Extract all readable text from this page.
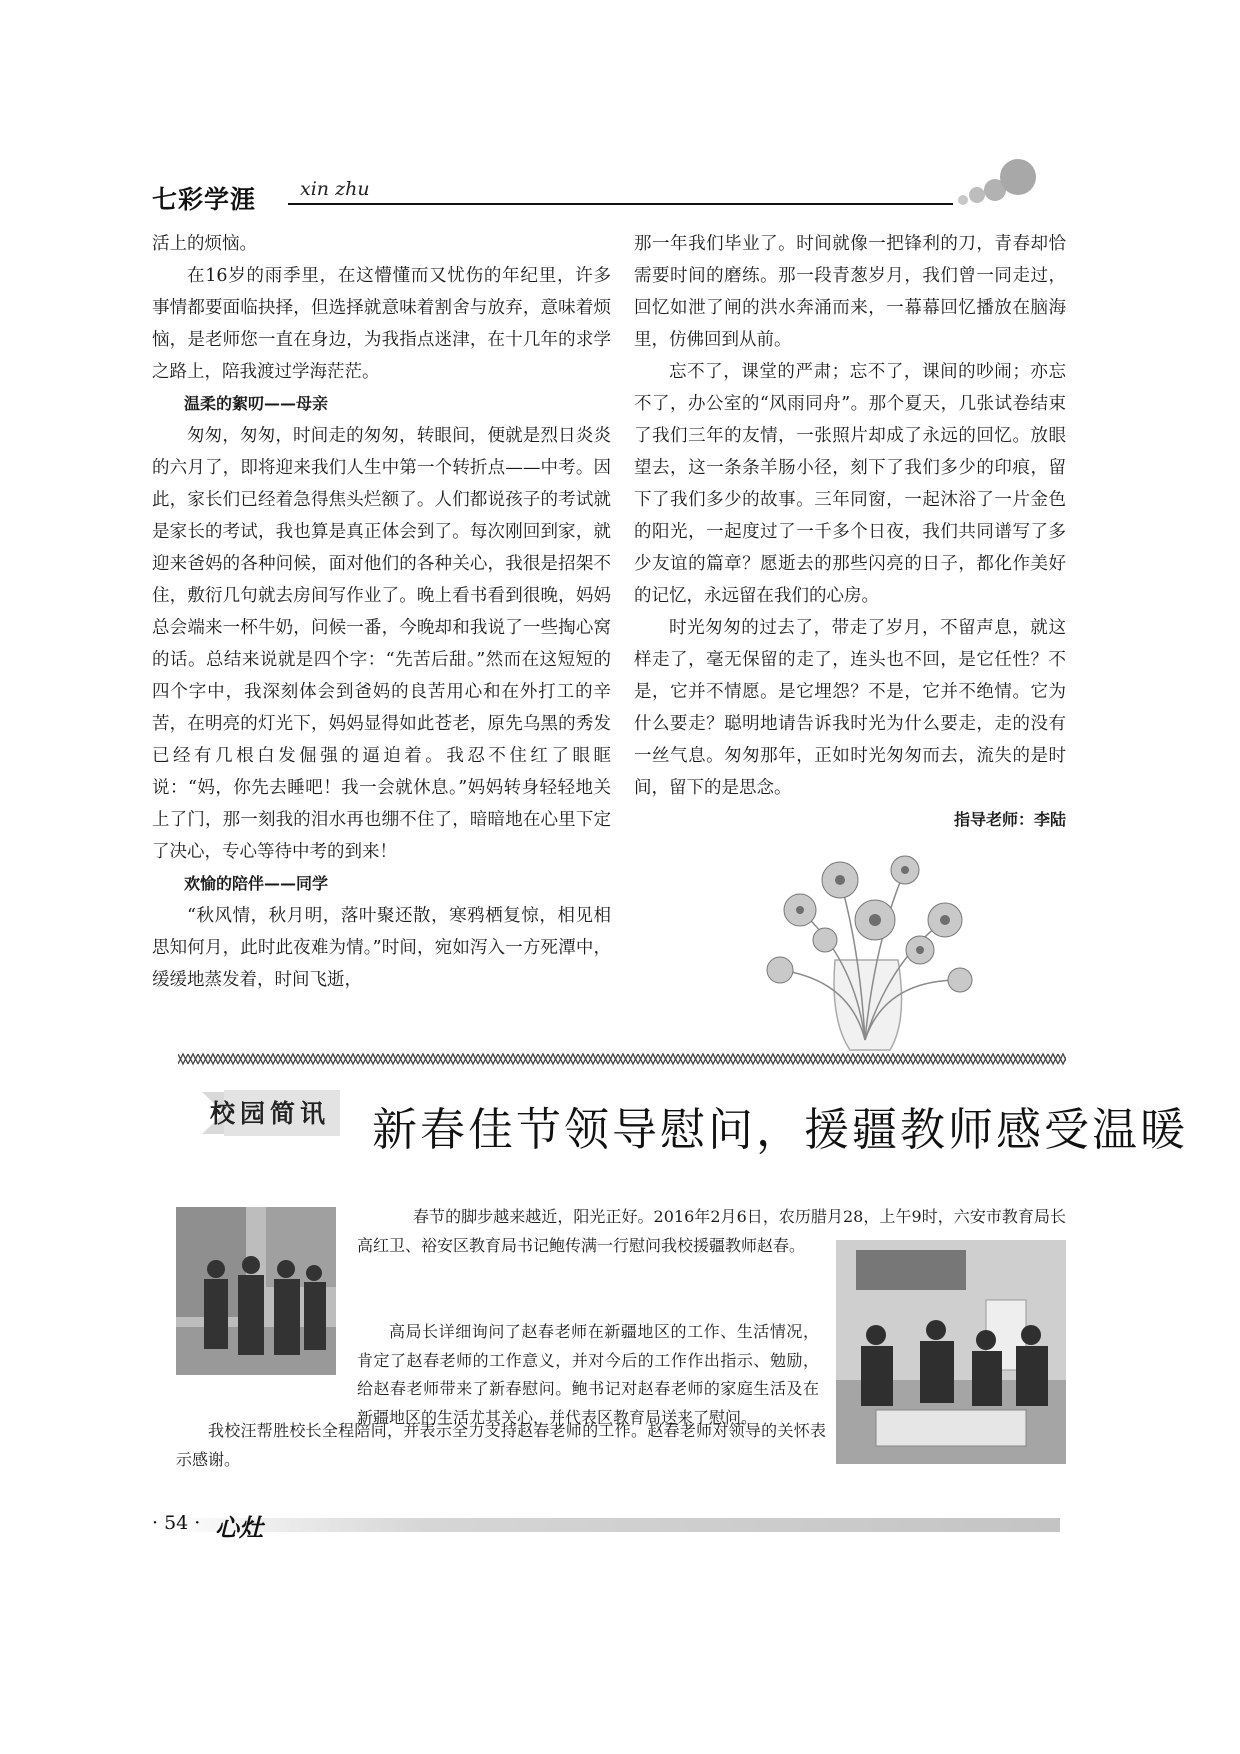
七彩学涯 xin zhu

活上的烦恼。

在16岁的雨季里，在这懵懂而又忧伤的年纪里，许多事情都要面临抉择，但选择就意味着割舍与放弃，意味着烦恼，是老师您一直在身边，为我指点迷津，在十几年的求学之路上，陪我渡过学海茫茫。

温柔的絮叨——母亲

匆匆，匆匆，时间走的匆匆，转眼间，便就是烈日炎炎的六月了，即将迎来我们人生中第一个转折点——中考。因此，家长们已经着急得焦头烂额了。人们都说孩子的考试就是家长的考试，我也算是真正体会到了。每次刚回到家，就迎来爸妈的各种问候，面对他们的各种关心，我很是招架不住，敷衍几句就去房间写作业了。晚上看书看到很晚，妈妈总会端来一杯牛奶，问候一番，今晚却和我说了一些掏心窝的话。总结来说就是四个字：“先苦后甜。”然而在这短短的四个字中，我深刻体会到爸妈的良苦用心和在外打工的辛苦，在明亮的灯光下，妈妈显得如此苍老，原先乌黑的秀发已经有几根白发倔强的逼迫着。我忍不住红了眼眶说：“妈，你先去睡吧！我一会就休息。”妈妈转身轻轻地关上了门，那一刻我的泪水再也绷不住了，暗暗地在心里下定了决心，专心等待中考的到来！

欢愉的陪伴——同学

“秋风情，秋月明，落叶聚还散，寒鸦栖复惊，相见相思知何月，此时此夜难为情。”时间，宛如泻入一方死潭中，缓缓地蒸发着，时间飞逝，

那一年我们毕业了。时间就像一把锋利的刀，青春却恰需要时间的磨练。那一段青葱岁月，我们曾一同走过，回忆如泄了闸的洪水奔涌而来，一幕幕回忆播放在脑海里，仿佛回到从前。

忘不了，课堂的严肃；忘不了，课间的吵闹；亦忘不了，办公室的“风雨同舟”。那个夏天，几张试卷结束了我们三年的友情，一张照片却成了永远的回忆。放眼望去，这一条条羊肠小径，刻下了我们多少的印痕，留下了我们多少的故事。三年同窗，一起沐浴了一片金色的阳光，一起度过了一千多个日夜，我们共同谱写了多少友谊的篇章？愿逝去的那些闪亮的日子，都化作美好的记忆，永远留在我们的心房。

时光匆匆的过去了，带走了岁月，不留声息，就这样走了，毫无保留的走了，连头也不回，是它任性？不是，它并不情愿。是它埋怨？不是，它并不绝情。它为什么要走？聪明地请告诉我时光为什么要走，走的没有一丝气息。匆匆那年，正如时光匆匆而去，流失的是时间，留下的是思念。

指导老师：李陆

校园简讯 新春佳节领导慰问，援疆教师感受温暖

春节的脚步越来越近，阳光正好。2016年2月6日，农历腊月28，上午9时，六安市教育局长高红卫、裕安区教育局书记鲍传满一行慰问我校援疆教师赵春。

高局长详细询问了赵春老师在新疆地区的工作、生活情况，肯定了赵春老师的工作意义，并对今后的工作作出指示、勉励，给赵春老师带来了新春慰问。鲍书记对赵春老师的家庭生活及在新疆地区的生活尤其关心，并代表区教育局送来了慰问。

我校汪帮胜校长全程陪同，并表示全力支持赵春老师的工作。赵春老师对领导的关怀表示感谢。

· 54 · 心灶
